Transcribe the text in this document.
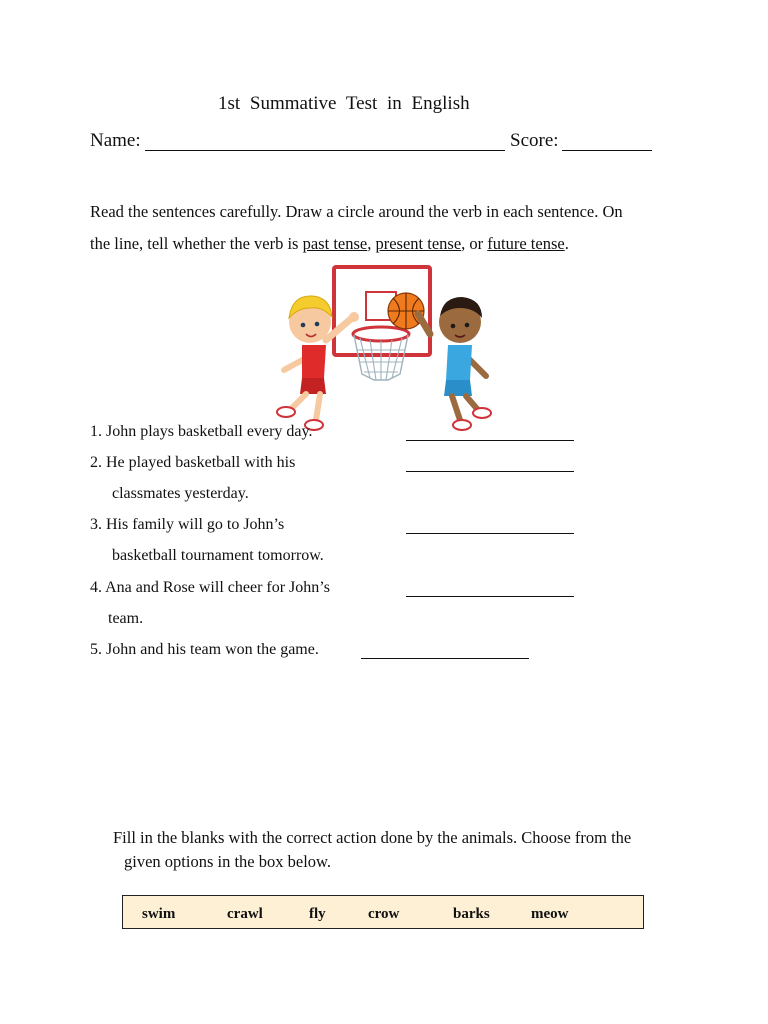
1st Summative Test in English
Name:	Score:
Read the sentences carefully. Draw a circle around the verb in each sentence. On
the line, tell whether the verb is past tense, present tense, or future tense.
1. John plays basketball every day.
2. He played basketball with his
classmates yesterday.
3. His family will go to John’s
basketball tournament tomorrow.
4. Ana and Rose will cheer for John’s
team.
5. John and his team won the game.
Fill in the blanks with the correct action done by the animals. Choose from the
given options in the box below.
swim	crawl	fly	crow	barks	meow
